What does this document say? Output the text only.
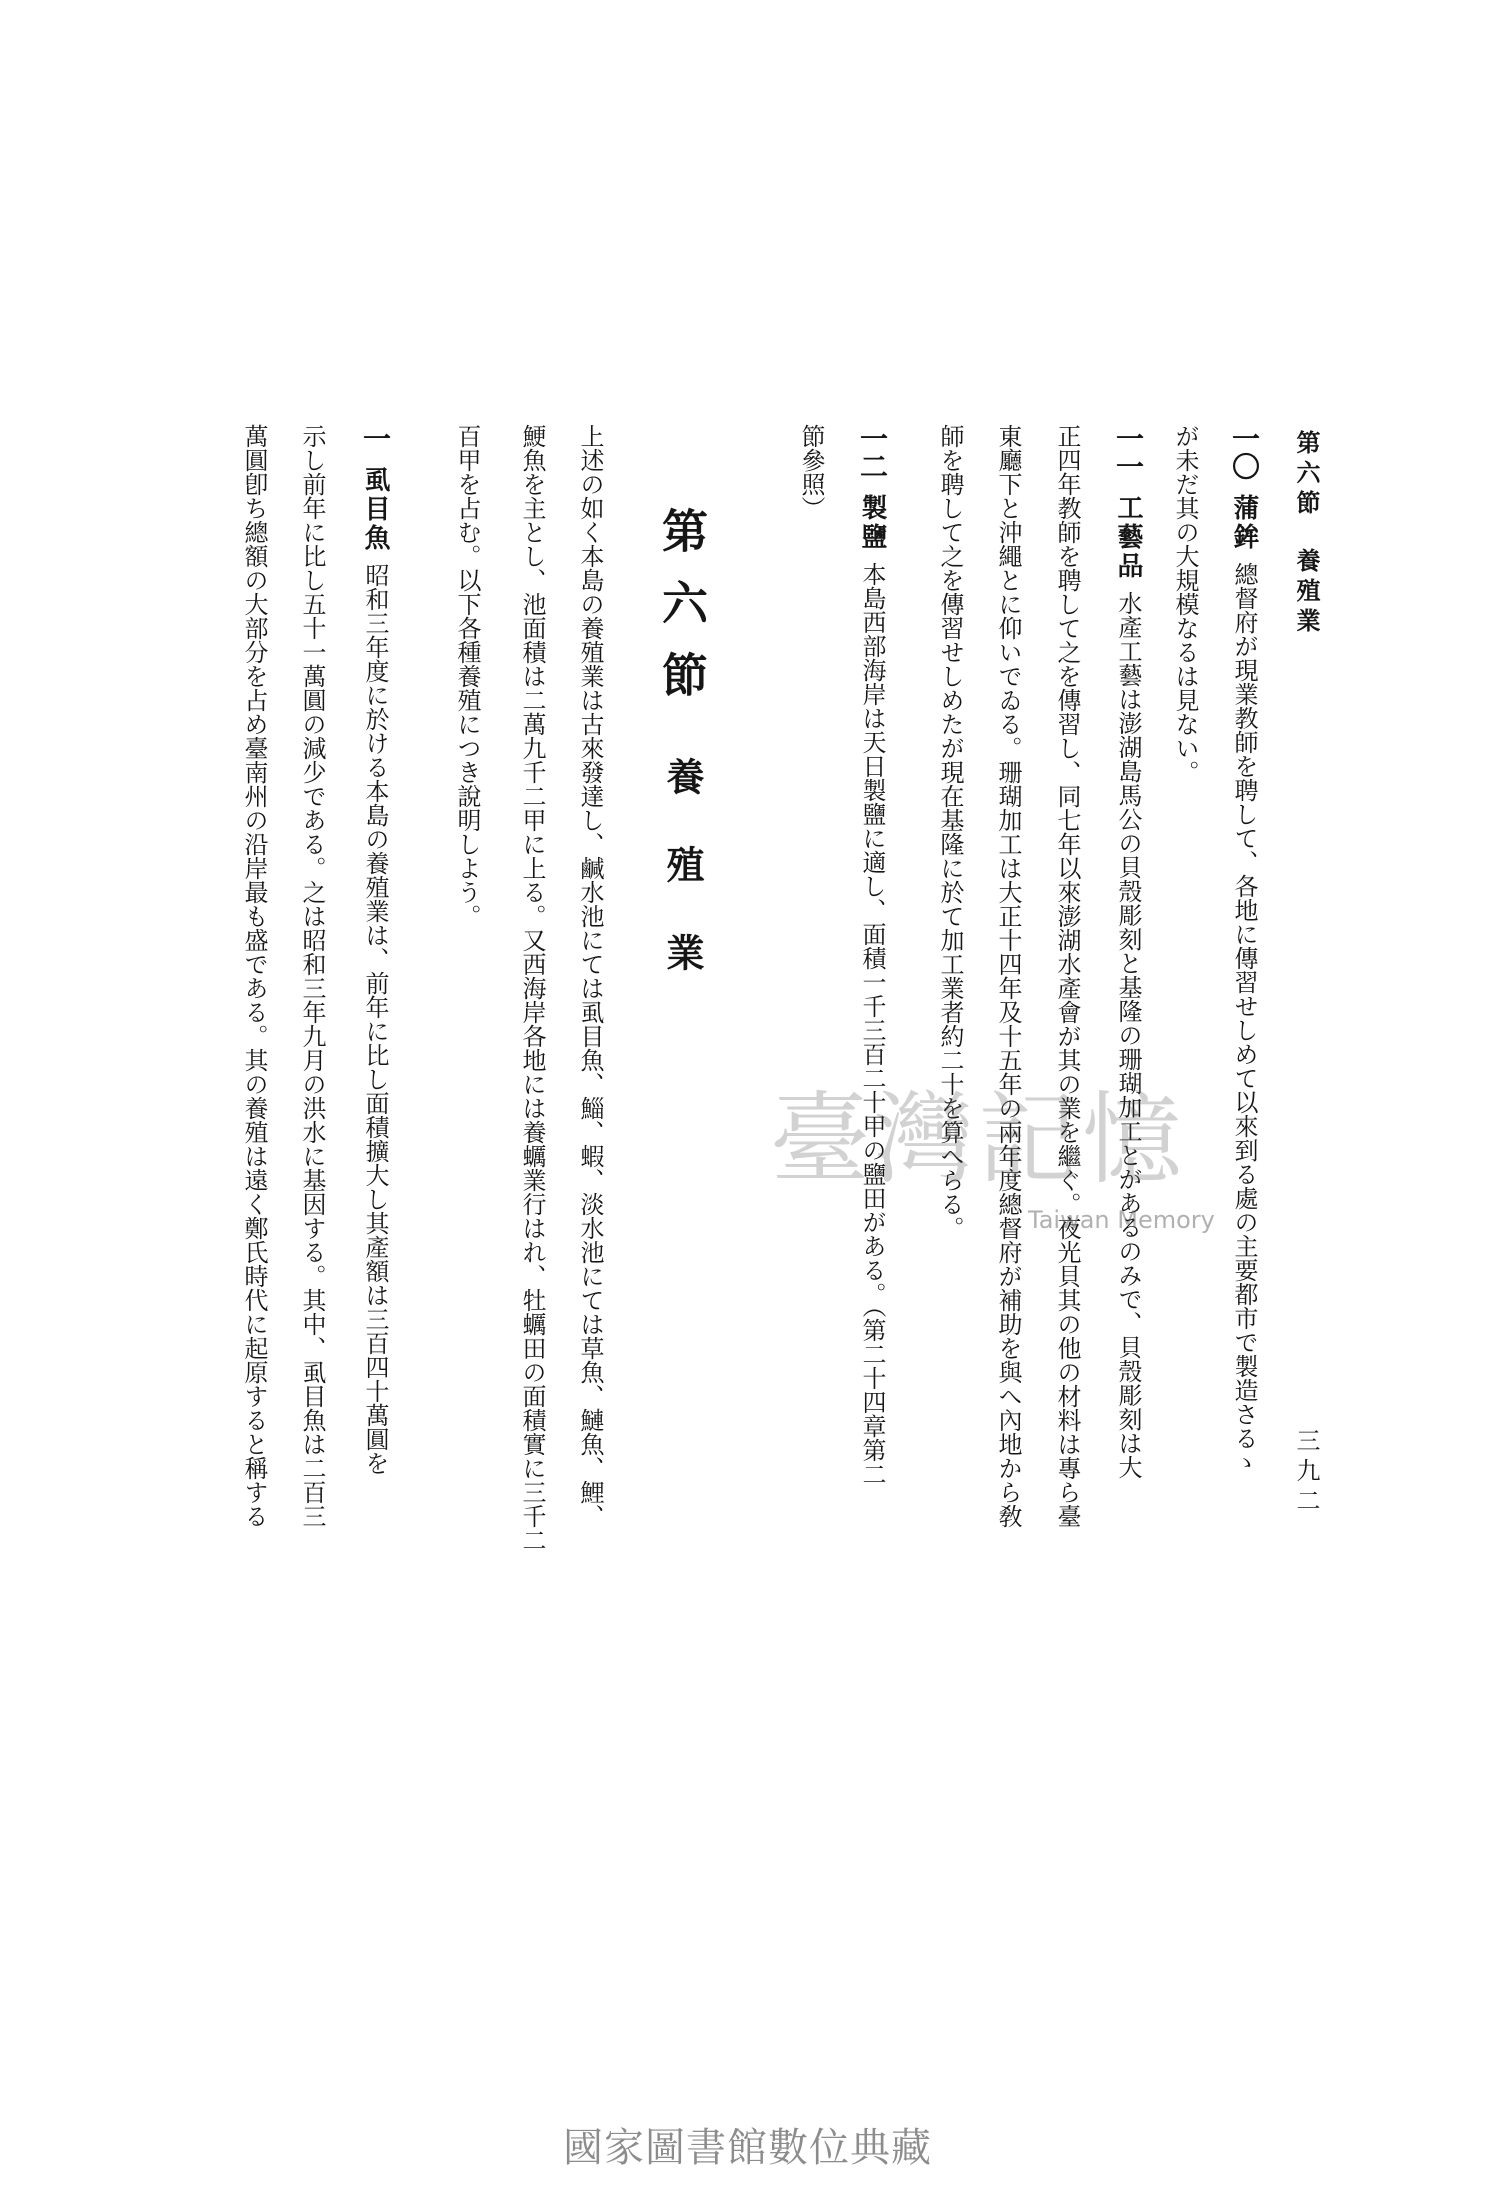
第六節養殖業
三九二
一〇蒲鉾總督府が現業教師を聘して、各地に傳習せしめて以來到る處の主要都市で製造さるゝ
が未だ其の大規模なるは見ない。
一一工藝品水產工藝は澎湖島馬公の貝殼彫刻と基隆の珊瑚加工とがあるのみで、貝殼彫刻は大
正四年教師を聘して之を傳習し、同七年以來澎湖水產會が其の業を繼ぐ。夜光貝其の他の材料は專ら臺
東廳下と沖繩とに仰いでゐる。珊瑚加工は大正十四年及十五年の兩年度總督府が補助を與へ內地から敎
師を聘して之を傳習せしめたが現在基隆に於て加工業者約二十を算へらる。
一二製鹽本島西部海岸は天日製鹽に適し、面積一千三百二十甲の鹽田がある。（第二十四章第二
節參照）
第六節養殖業
上述の如く本島の養殖業は古來發達し、鹹水池にては虱目魚、鯔、蝦、淡水池にては草魚、鰱魚、鯉、
鯁魚を主とし、池面積は二萬九千二甲に上る。又西海岸各地には養蠣業行はれ、牡蠣田の面積實に三千二
百甲を占む。以下各種養殖につき說明しよう。
一虱目魚昭和三年度に於ける本島の養殖業は、前年に比し面積擴大し其產額は三百四十萬圓を
示し前年に比し五十一萬圓の減少である。之は昭和三年九月の洪水に基因する。其中、虱目魚は二百三
萬圓卽ち總額の大部分を占め臺南州の沿岸最も盛である。其の養殖は遠く鄭氏時代に起原すると稱する	臺灣記憶
Taiwan Memory
國家圖書館數位典藏
